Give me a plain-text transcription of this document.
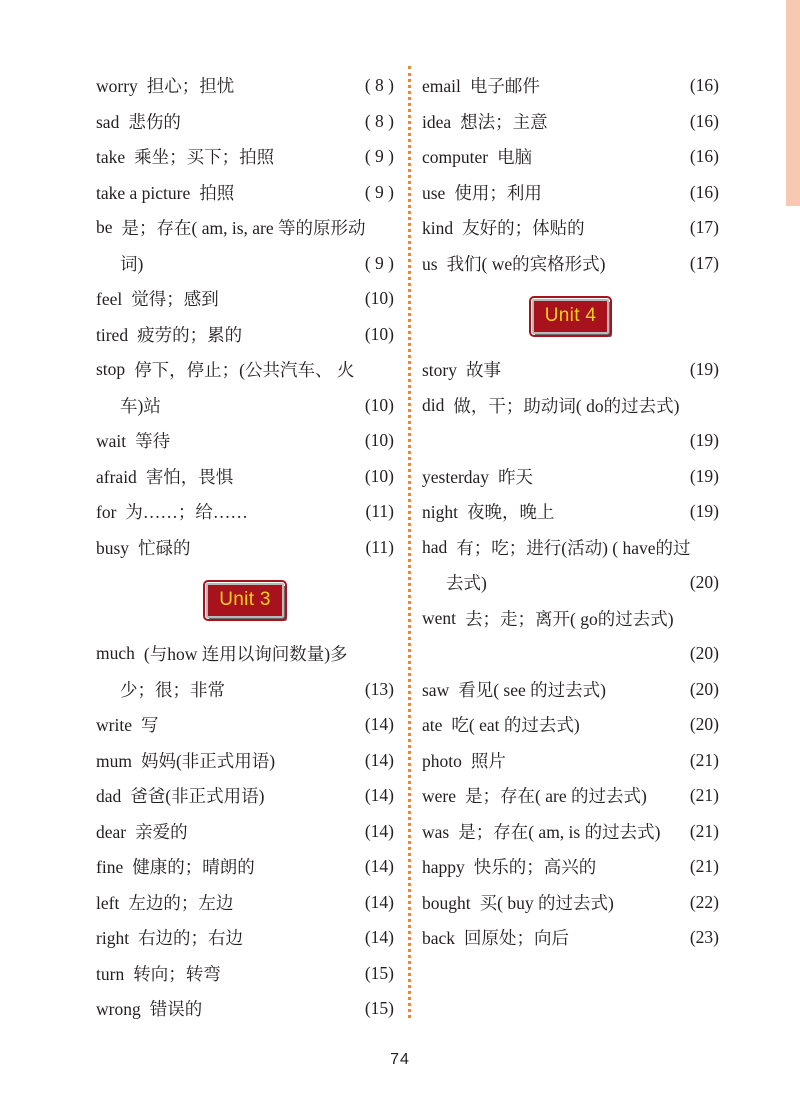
worry 担心；担忧	( 8 )
sad 悲伤的	( 8 )
take 乘坐；买下；拍照	( 9 )
take a picture 拍照	( 9 )
be 是；存在( am, is, are 等的原形动
词)	( 9 )
feel 觉得；感到	(10)
tired 疲劳的；累的	(10)
stop 停下，停止；(公共汽车、 火
车)站	(10)
wait 等待	(10)
afraid 害怕，畏惧	(10)
for 为……；给……	(11)
busy 忙碌的	(11)
Unit 3
much (与how 连用以询问数量)多
少；很；非常	(13)
write 写	(14)
mum 妈妈(非正式用语)	(14)
dad 爸爸(非正式用语)	(14)
dear 亲爱的	(14)
fine 健康的；晴朗的	(14)
left 左边的；左边	(14)
right 右边的；右边	(14)
turn 转向；转弯	(15)
wrong 错误的	(15)
email 电子邮件	(16)
idea 想法；主意	(16)
computer 电脑	(16)
use 使用；利用	(16)
kind 友好的；体贴的	(17)
us 我们( we的宾格形式)	(17)
Unit 4
story 故事	(19)
did 做，干；助动词( do的过去式)
(19)
yesterday 昨天	(19)
night 夜晚，晚上	(19)
had 有；吃；进行(活动) ( have的过
去式)	(20)
went 去；走；离开( go的过去式)
(20)
saw 看见( see 的过去式)	(20)
ate 吃( eat 的过去式)	(20)
photo 照片	(21)
were 是；存在( are 的过去式) (21)
was 是；存在( am, is 的过去式) (21)
happy 快乐的；高兴的	(21)
bought 买( buy 的过去式)	(22)
back 回原处；向后	(23)
74
